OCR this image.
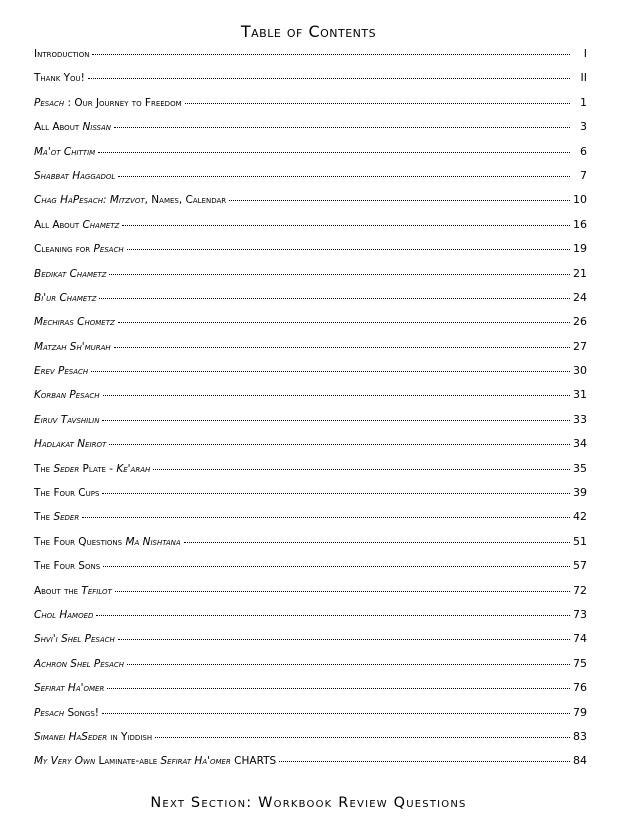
Table of Contents
Introduction	I
Thank You!	II
Pesach : Our Journey to Freedom	1
All About Nissan	3
Ma'ot Chittim	6
Shabbat Haggadol	7
Chag HaPesach: Mitzvot, Names, Calendar	10
All About Chametz	16
Cleaning for Pesach	19
Bedikat Chametz	21
Bi'ur Chametz	24
Mechiras Chometz	26
Matzah Sh'murah	27
Erev Pesach	30
Korban Pesach	31
Eiruv Tavshilin	33
Hadlakat Neirot	34
The Seder Plate - Ke'arah	35
The Four Cups	39
The Seder	42
The Four Questions Ma Nishtana	51
The Four Sons	57
About the Tefilot	72
Chol Hamoed	73
Shvi'i Shel Pesach	74
Achron Shel Pesach	75
Sefirat Ha'omer	76
Pesach Songs!	79
Simanei HaSeder in Yiddish	83
My Very Own Laminate-able Sefirat Ha'omer CHARTS	84
Next Section: Workbook Review Questions
